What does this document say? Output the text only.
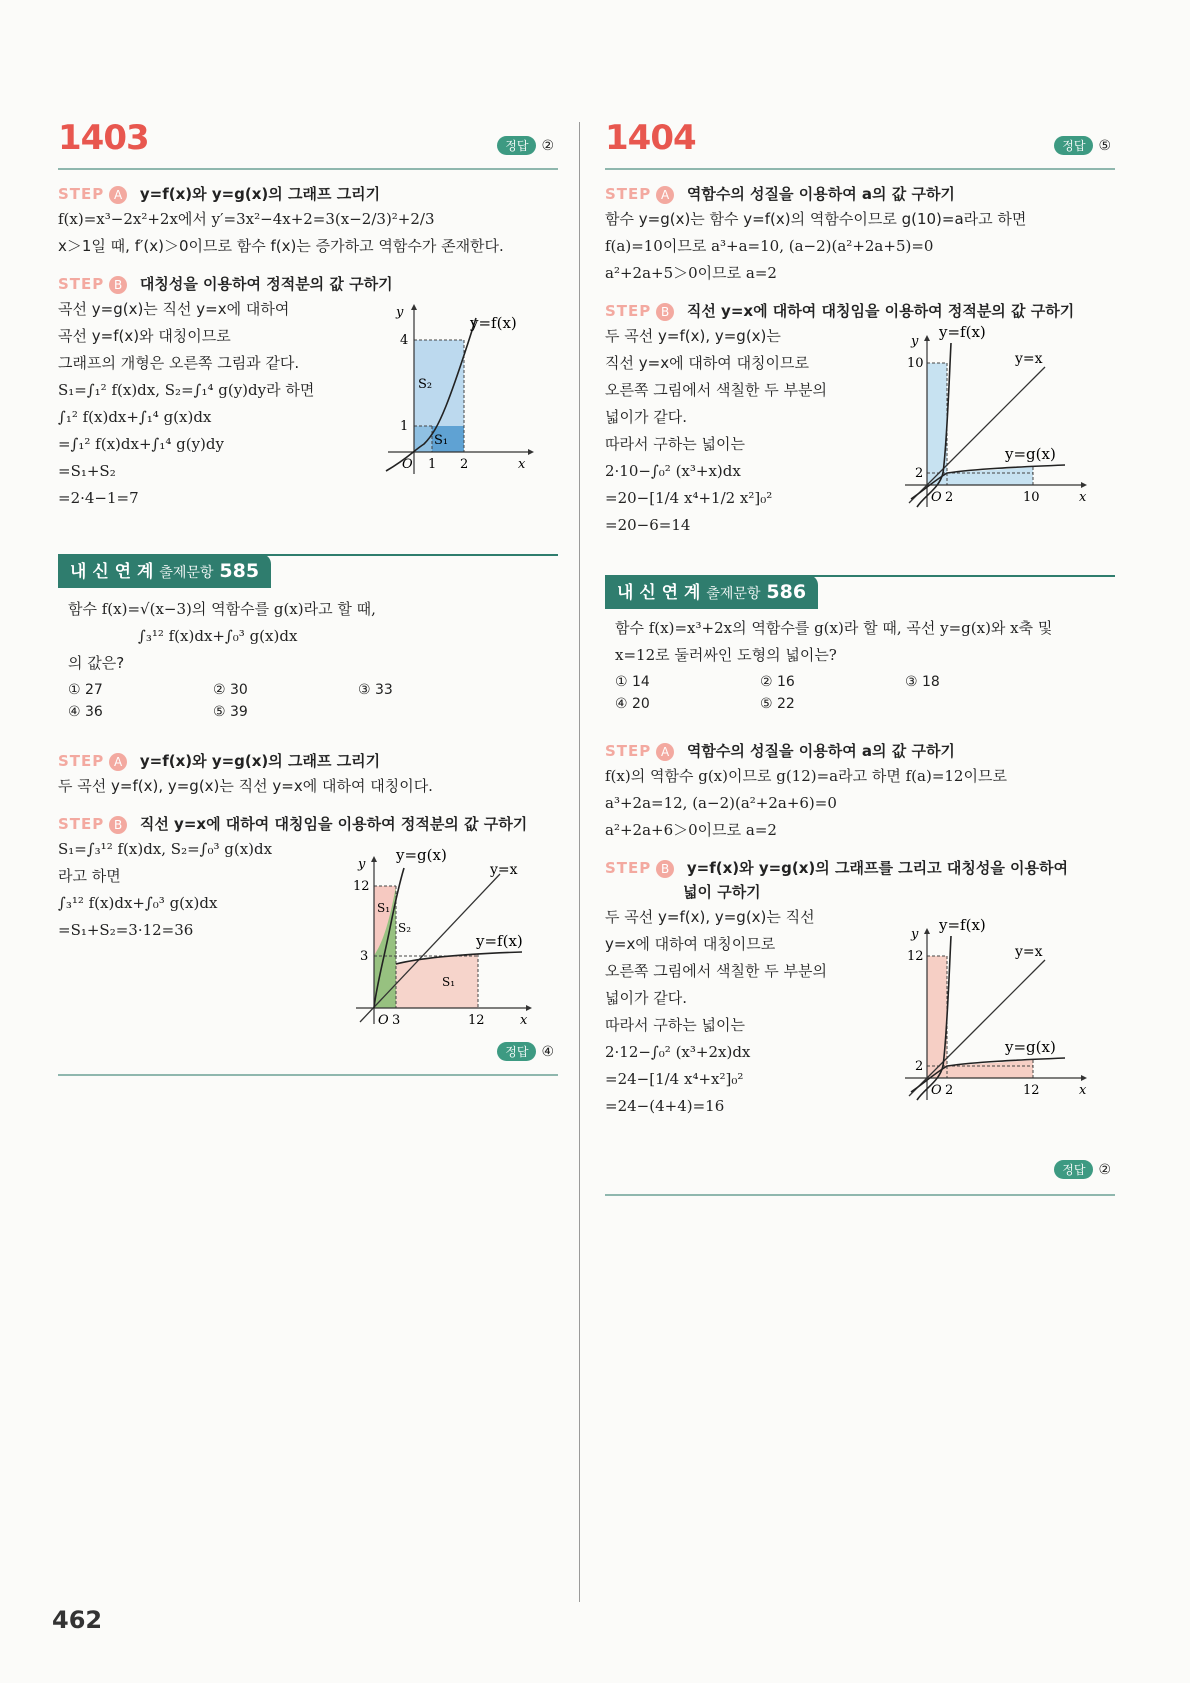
1403	정답 ②
STEP A y=f(x)와 y=g(x)의 그래프 그리기
f(x)=x³−2x²+2x에서 y′=3x²−4x+2=3(x−2/3)²+2/3
x＞1일 때, f′(x)＞0이므로 함수 f(x)는 증가하고 역함수가 존재한다.
STEP B 대칭성을 이용하여 정적분의 값 구하기
곡선 y=g(x)는 직선 y=x에 대하여
곡선 y=f(x)와 대칭이므로
그래프의 개형은 오른쪽 그림과 같다.
S₁=∫₁² f(x)dx, S₂=∫₁⁴ g(y)dy라 하면
∫₁² f(x)dx+∫₁⁴ g(x)dx
=∫₁² f(x)dx+∫₁⁴ g(y)dy
=S₁+S₂
=2·4−1=7
y=f(x)
y
4
1
O 1 2	x
S₂
S₁
내 신 연 계 출제문항 585
함수 f(x)=√(x−3)의 역함수를 g(x)라고 할 때,
∫₃¹² f(x)dx+∫₀³ g(x)dx
의 값은?
① 27	② 30	③ 33
④ 36	⑤ 39
STEP A y=f(x)와 y=g(x)의 그래프 그리기
두 곡선 y=f(x), y=g(x)는 직선 y=x에 대하여 대칭이다.
STEP B 직선 y=x에 대하여 대칭임을 이용하여 정적분의 값 구하기
S₁=∫₃¹² f(x)dx, S₂=∫₀³ g(x)dx
라고 하면
∫₃¹² f(x)dx+∫₀³ g(x)dx
=S₁+S₂=3·12=36
y=g(x)
y=x
y=f(x)
y
12
3
O 3	12	x
S₁
S₂
S₁
정답 ④
1404	정답 ⑤
STEP A 역함수의 성질을 이용하여 a의 값 구하기
함수 y=g(x)는 함수 y=f(x)의 역함수이므로 g(10)=a라고 하면
f(a)=10이므로 a³+a=10, (a−2)(a²+2a+5)=0
a²+2a+5＞0이므로 a=2
STEP B 직선 y=x에 대하여 대칭임을 이용하여 정적분의 값 구하기
두 곡선 y=f(x), y=g(x)는
직선 y=x에 대하여 대칭이므로
오른쪽 그림에서 색칠한 두 부분의
넓이가 같다.
따라서 구하는 넓이는
2·10−∫₀² (x³+x)dx
=20−[1/4 x⁴+1/2 x²]₀²
=20−6=14
y=f(x)
y=x
y=g(x)
y
10
2
O 2	10	x
내 신 연 계 출제문항 586
함수 f(x)=x³+2x의 역함수를 g(x)라 할 때, 곡선 y=g(x)와 x축 및
x=12로 둘러싸인 도형의 넓이는?
① 14	② 16	③ 18
④ 20	⑤ 22
STEP A 역함수의 성질을 이용하여 a의 값 구하기
f(x)의 역함수 g(x)이므로 g(12)=a라고 하면 f(a)=12이므로
a³+2a=12, (a−2)(a²+2a+6)=0
a²+2a+6＞0이므로 a=2
STEP B y=f(x)와 y=g(x)의 그래프를 그리고 대칭성을 이용하여
넓이 구하기
두 곡선 y=f(x), y=g(x)는 직선
y=x에 대하여 대칭이므로
오른쪽 그림에서 색칠한 두 부분의
넓이가 같다.
따라서 구하는 넓이는
2·12−∫₀² (x³+2x)dx
=24−[1/4 x⁴+x²]₀²
=24−(4+4)=16
y=f(x)
y=x
y=g(x)
y
12
2
O 2	12	x
정답 ②
462
